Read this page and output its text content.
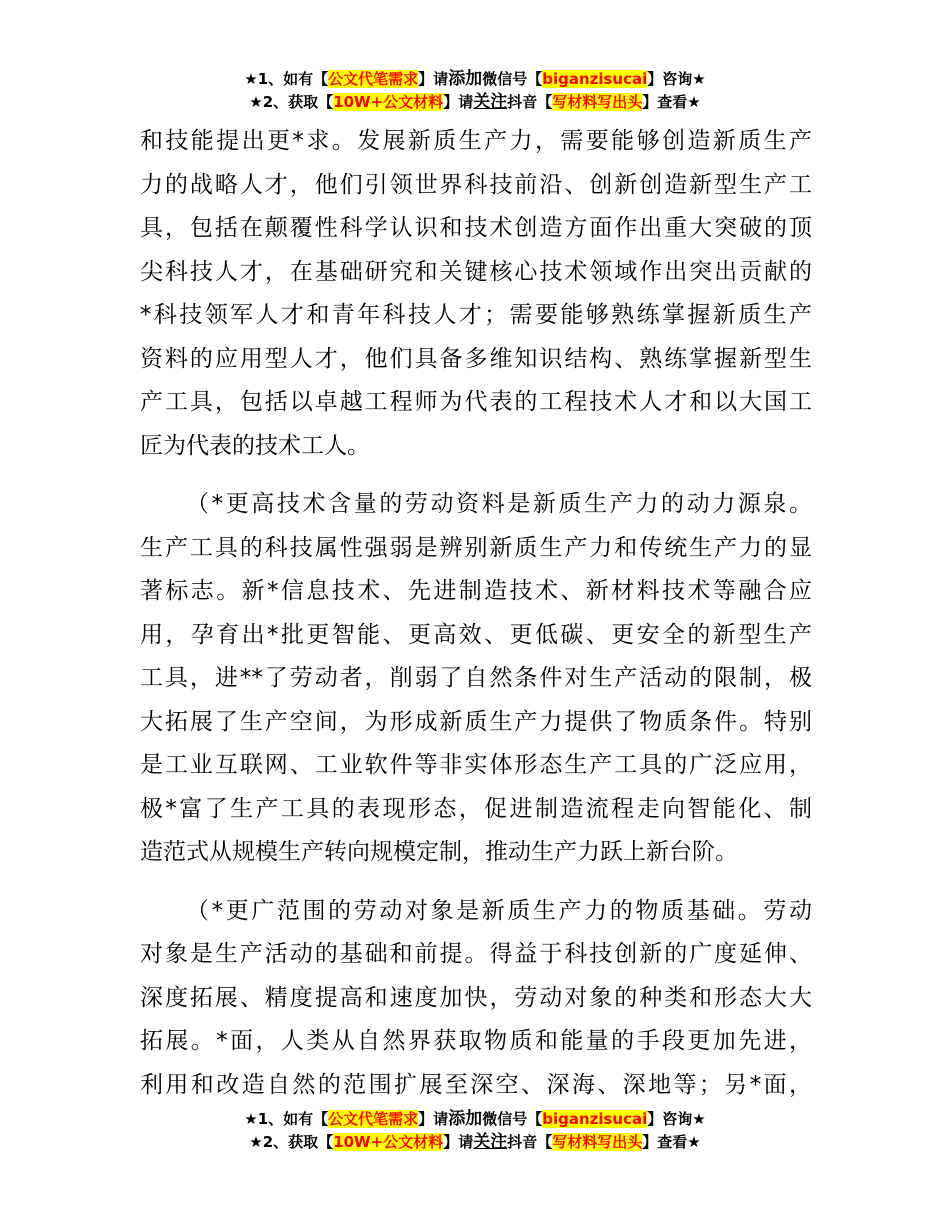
★1、如有【公文代笔需求】请添加微信号【biganzisucai】咨询★
★2、获取【10W+公文材料】请关注抖音【写材料写出头】查看★
和技能提出更*求。发展新质生产力，需要能够创造新质生产
力的战略人才，他们引领世界科技前沿、创新创造新型生产工
具，包括在颠覆性科学认识和技术创造方面作出重大突破的顶
尖科技人才，在基础研究和关键核心技术领域作出突出贡献的
*科技领军人才和青年科技人才；需要能够熟练掌握新质生产
资料的应用型人才，他们具备多维知识结构、熟练掌握新型生
产工具，包括以卓越工程师为代表的工程技术人才和以大国工
匠为代表的技术工人。
（*更高技术含量的劳动资料是新质生产力的动力源泉。
生产工具的科技属性强弱是辨别新质生产力和传统生产力的显
著标志。新*信息技术、先进制造技术、新材料技术等融合应
用，孕育出*批更智能、更高效、更低碳、更安全的新型生产
工具，进**了劳动者，削弱了自然条件对生产活动的限制，极
大拓展了生产空间，为形成新质生产力提供了物质条件。特别
是工业互联网、工业软件等非实体形态生产工具的广泛应用，
极*富了生产工具的表现形态，促进制造流程走向智能化、制
造范式从规模生产转向规模定制，推动生产力跃上新台阶。
（*更广范围的劳动对象是新质生产力的物质基础。劳动
对象是生产活动的基础和前提。得益于科技创新的广度延伸、
深度拓展、精度提高和速度加快，劳动对象的种类和形态大大
拓展。*面，人类从自然界获取物质和能量的手段更加先进，
利用和改造自然的范围扩展至深空、深海、深地等；另*面，
★1、如有【公文代笔需求】请添加微信号【biganzisucai】咨询★
★2、获取【10W+公文材料】请关注抖音【写材料写出头】查看★
